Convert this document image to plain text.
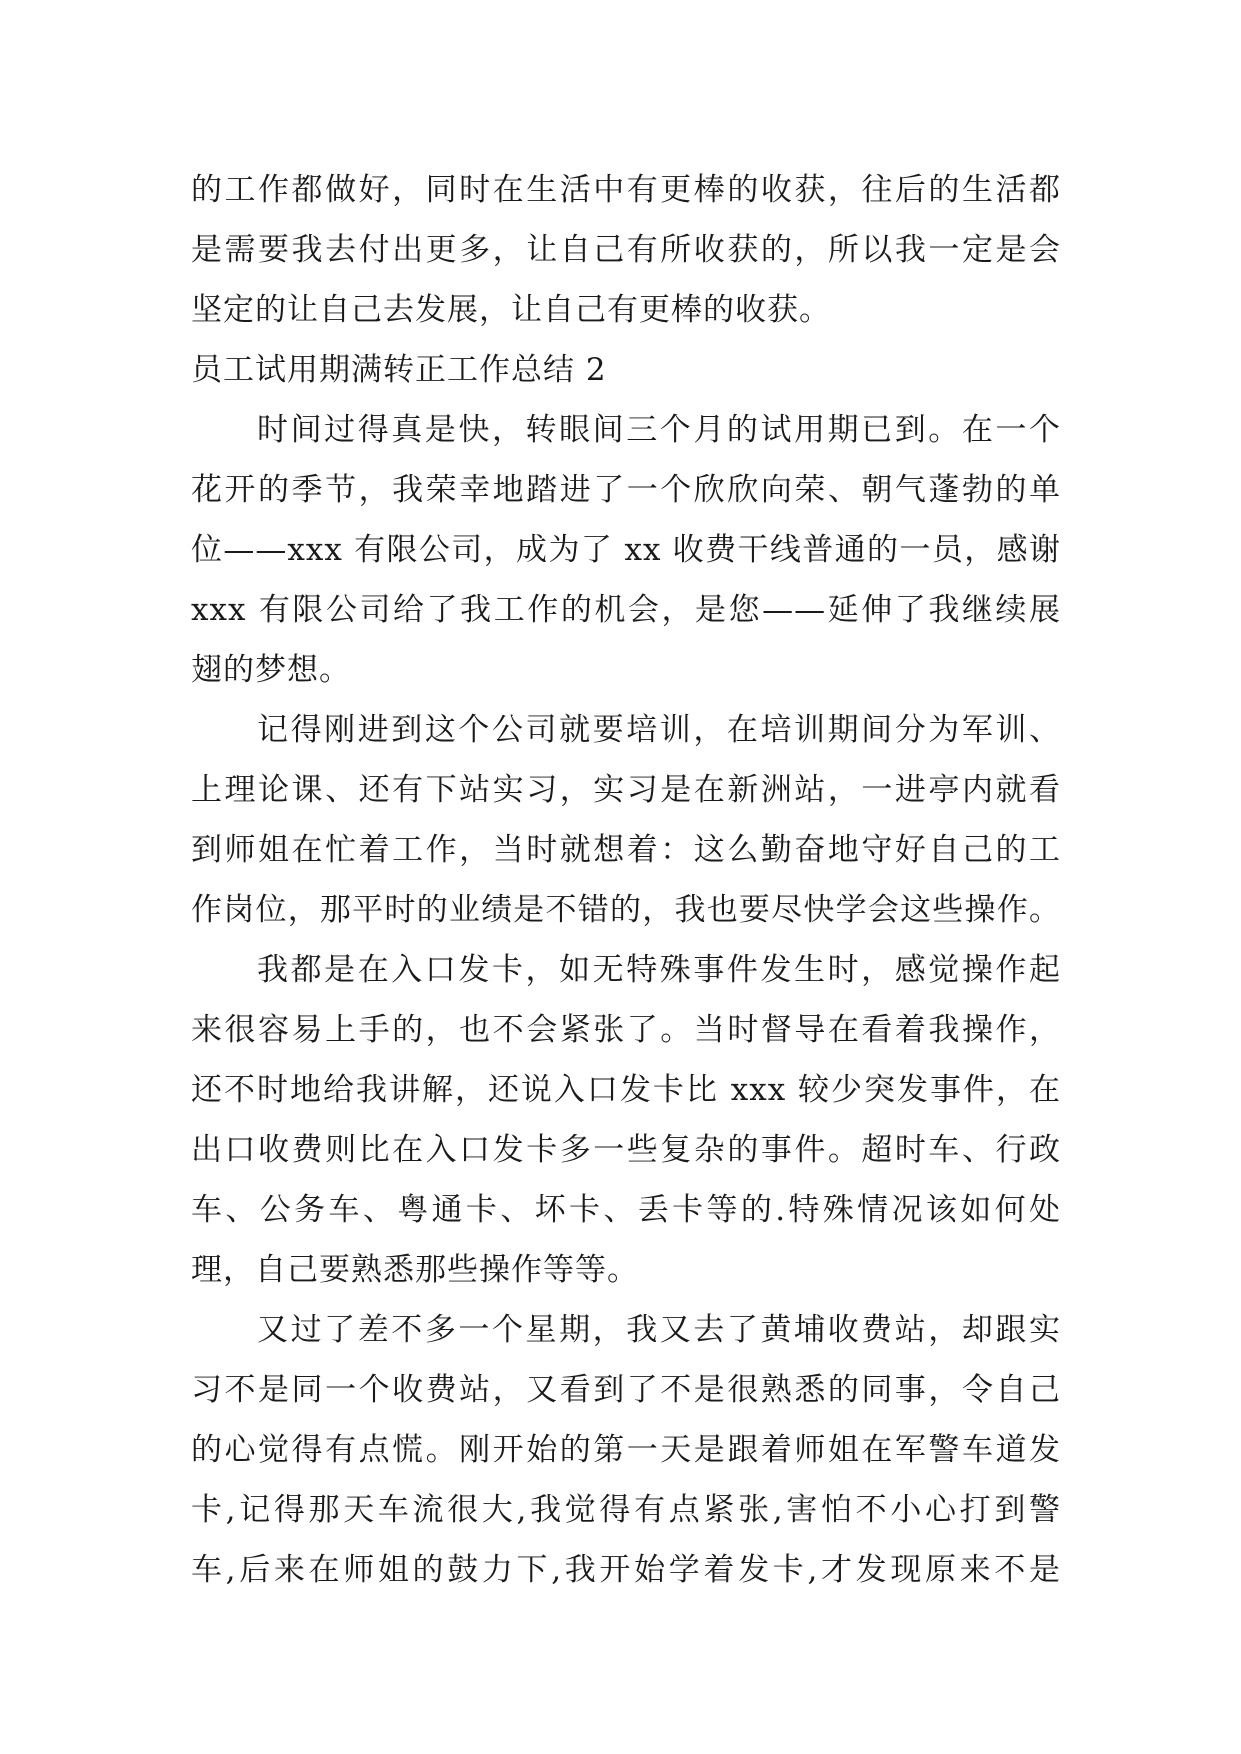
的工作都做好，同时在生活中有更棒的收获，往后的生活都
是需要我去付出更多，让自己有所收获的，所以我一定是会
坚定的让自己去发展，让自己有更棒的收获。
员工试用期满转正工作总结 2
时间过得真是快，转眼间三个月的试用期已到。在一个
花开的季节，我荣幸地踏进了一个欣欣向荣、朝气蓬勃的单
位——xxx 有限公司，成为了 xx 收费干线普通的一员，感谢
xxx 有限公司给了我工作的机会，是您——延伸了我继续展
翅的梦想。
记得刚进到这个公司就要培训，在培训期间分为军训、
上理论课、还有下站实习，实习是在新洲站，一进亭内就看
到师姐在忙着工作，当时就想着：这么勤奋地守好自己的工
作岗位，那平时的业绩是不错的，我也要尽快学会这些操作。
我都是在入口发卡，如无特殊事件发生时，感觉操作起
来很容易上手的，也不会紧张了。当时督导在看着我操作，
还不时地给我讲解，还说入口发卡比 xxx 较少突发事件，在
出口收费则比在入口发卡多一些复杂的事件。超时车、行政
车、公务车、粤通卡、坏卡、丢卡等的.特殊情况该如何处
理，自己要熟悉那些操作等等。
又过了差不多一个星期，我又去了黄埔收费站，却跟实
习不是同一个收费站，又看到了不是很熟悉的同事，令自己
的心觉得有点慌。刚开始的第一天是跟着师姐在军警车道发
卡,记得那天车流很大,我觉得有点紧张,害怕不小心打到警
车,后来在师姐的鼓力下,我开始学着发卡,才发现原来不是
